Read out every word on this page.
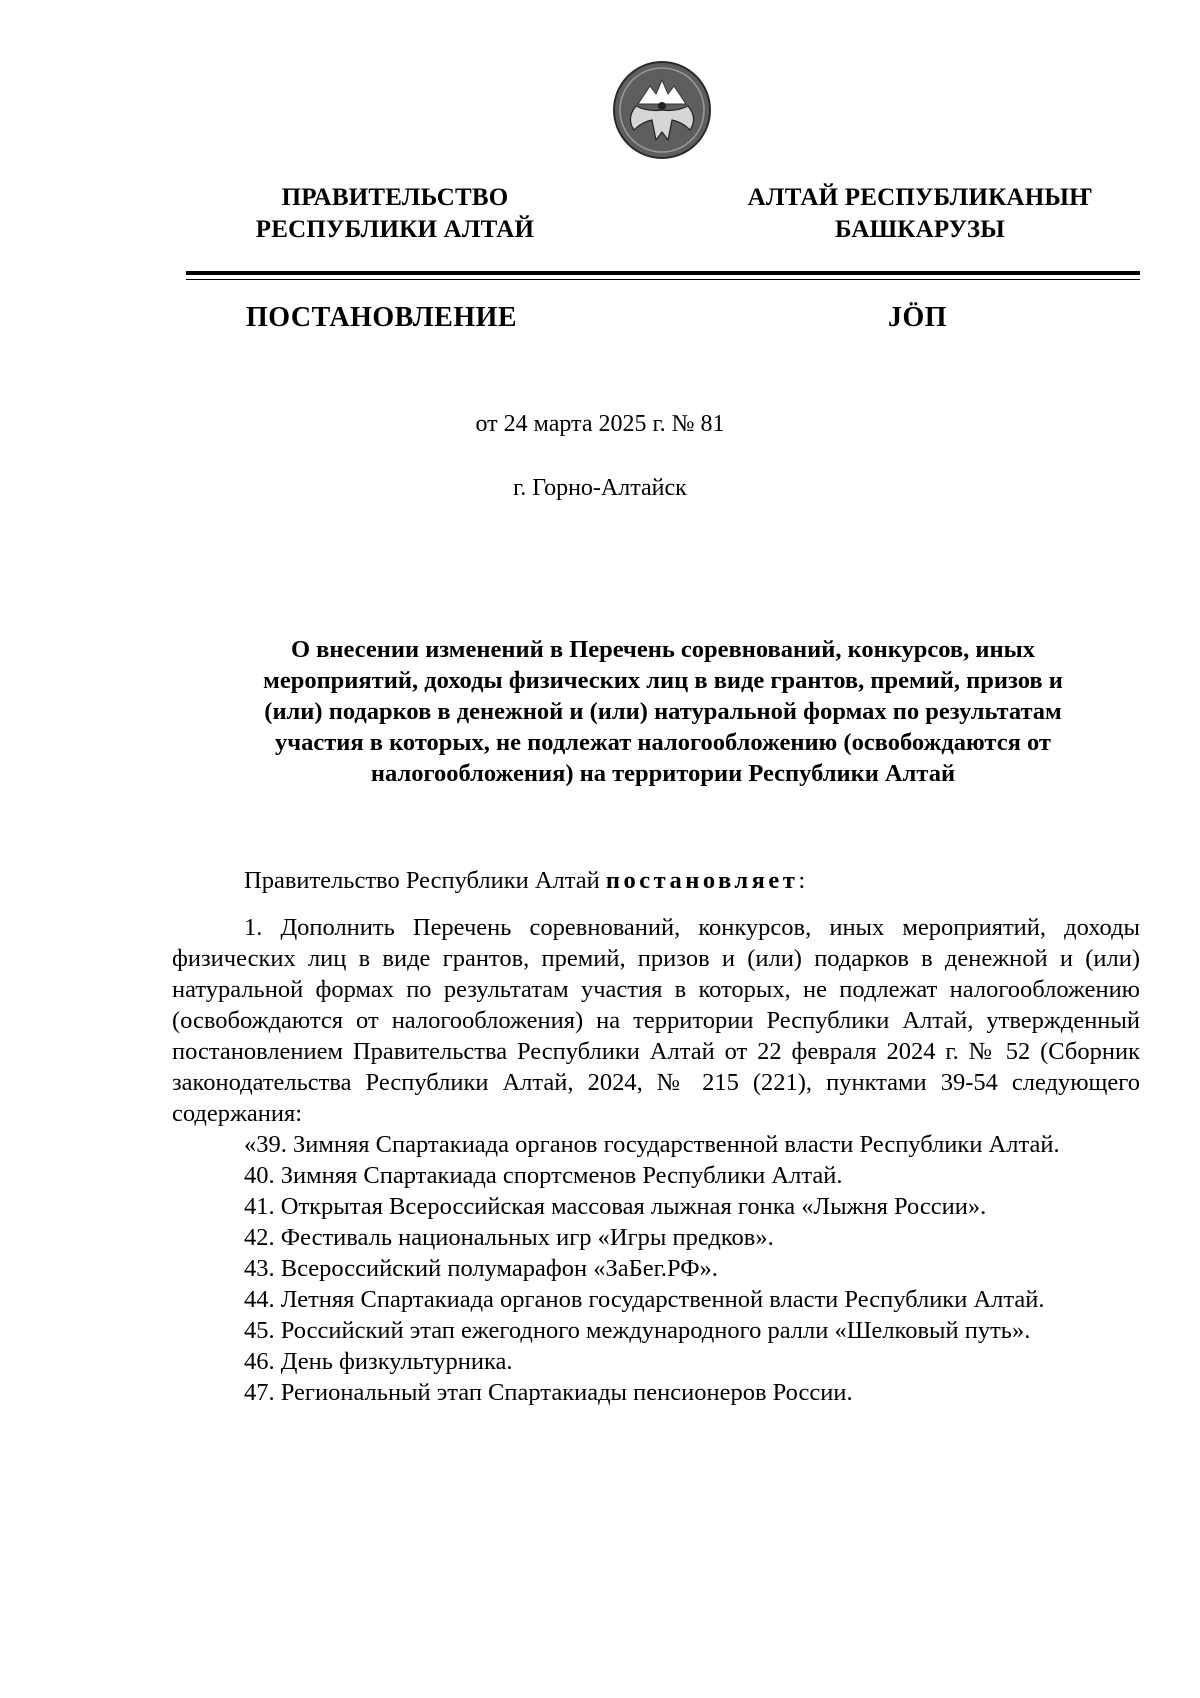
ПРАВИТЕЛЬСТВО
РЕСПУБЛИКИ АЛТАЙ
АЛТАЙ РЕСПУБЛИКАНЫҤ
БАШКАРУЗЫ
ПОСТАНОВЛЕНИЕ	JÖП
от 24 марта 2025 г. № 81
г. Горно-Алтайск
О внесении изменений в Перечень соревнований, конкурсов, иных
мероприятий, доходы физических лиц в виде грантов, премий, призов и
(или) подарков в денежной и (или) натуральной формах по результатам
участия в которых, не подлежат налогообложению (освобождаются от
налогообложения) на территории Республики Алтай

Правительство Республики Алтай постановляет:

1. Дополнить Перечень соревнований, конкурсов, иных мероприятий, доходы физических лиц в виде грантов, премий, призов и (или) подарков в денежной и (или) натуральной формах по результатам участия в которых, не подлежат налогообложению (освобождаются от налогообложения) на территории Республики Алтай, утвержденный постановлением Правительства Республики Алтай от 22 февраля 2024 г. № 52 (Сборник законодательства Республики Алтай, 2024, № 215 (221), пунктами 39-54 следующего содержания:

«39. Зимняя Спартакиада органов государственной власти Республики Алтай.

40. Зимняя Спартакиада спортсменов Республики Алтай.

41. Открытая Всероссийская массовая лыжная гонка «Лыжня России».

42. Фестиваль национальных игр «Игры предков».

43. Всероссийский полумарафон «ЗаБег.РФ».

44. Летняя Спартакиада органов государственной власти Республики Алтай.

45. Российский этап ежегодного международного ралли «Шелковый путь».

46. День физкультурника.

47. Региональный этап Спартакиады пенсионеров России.
